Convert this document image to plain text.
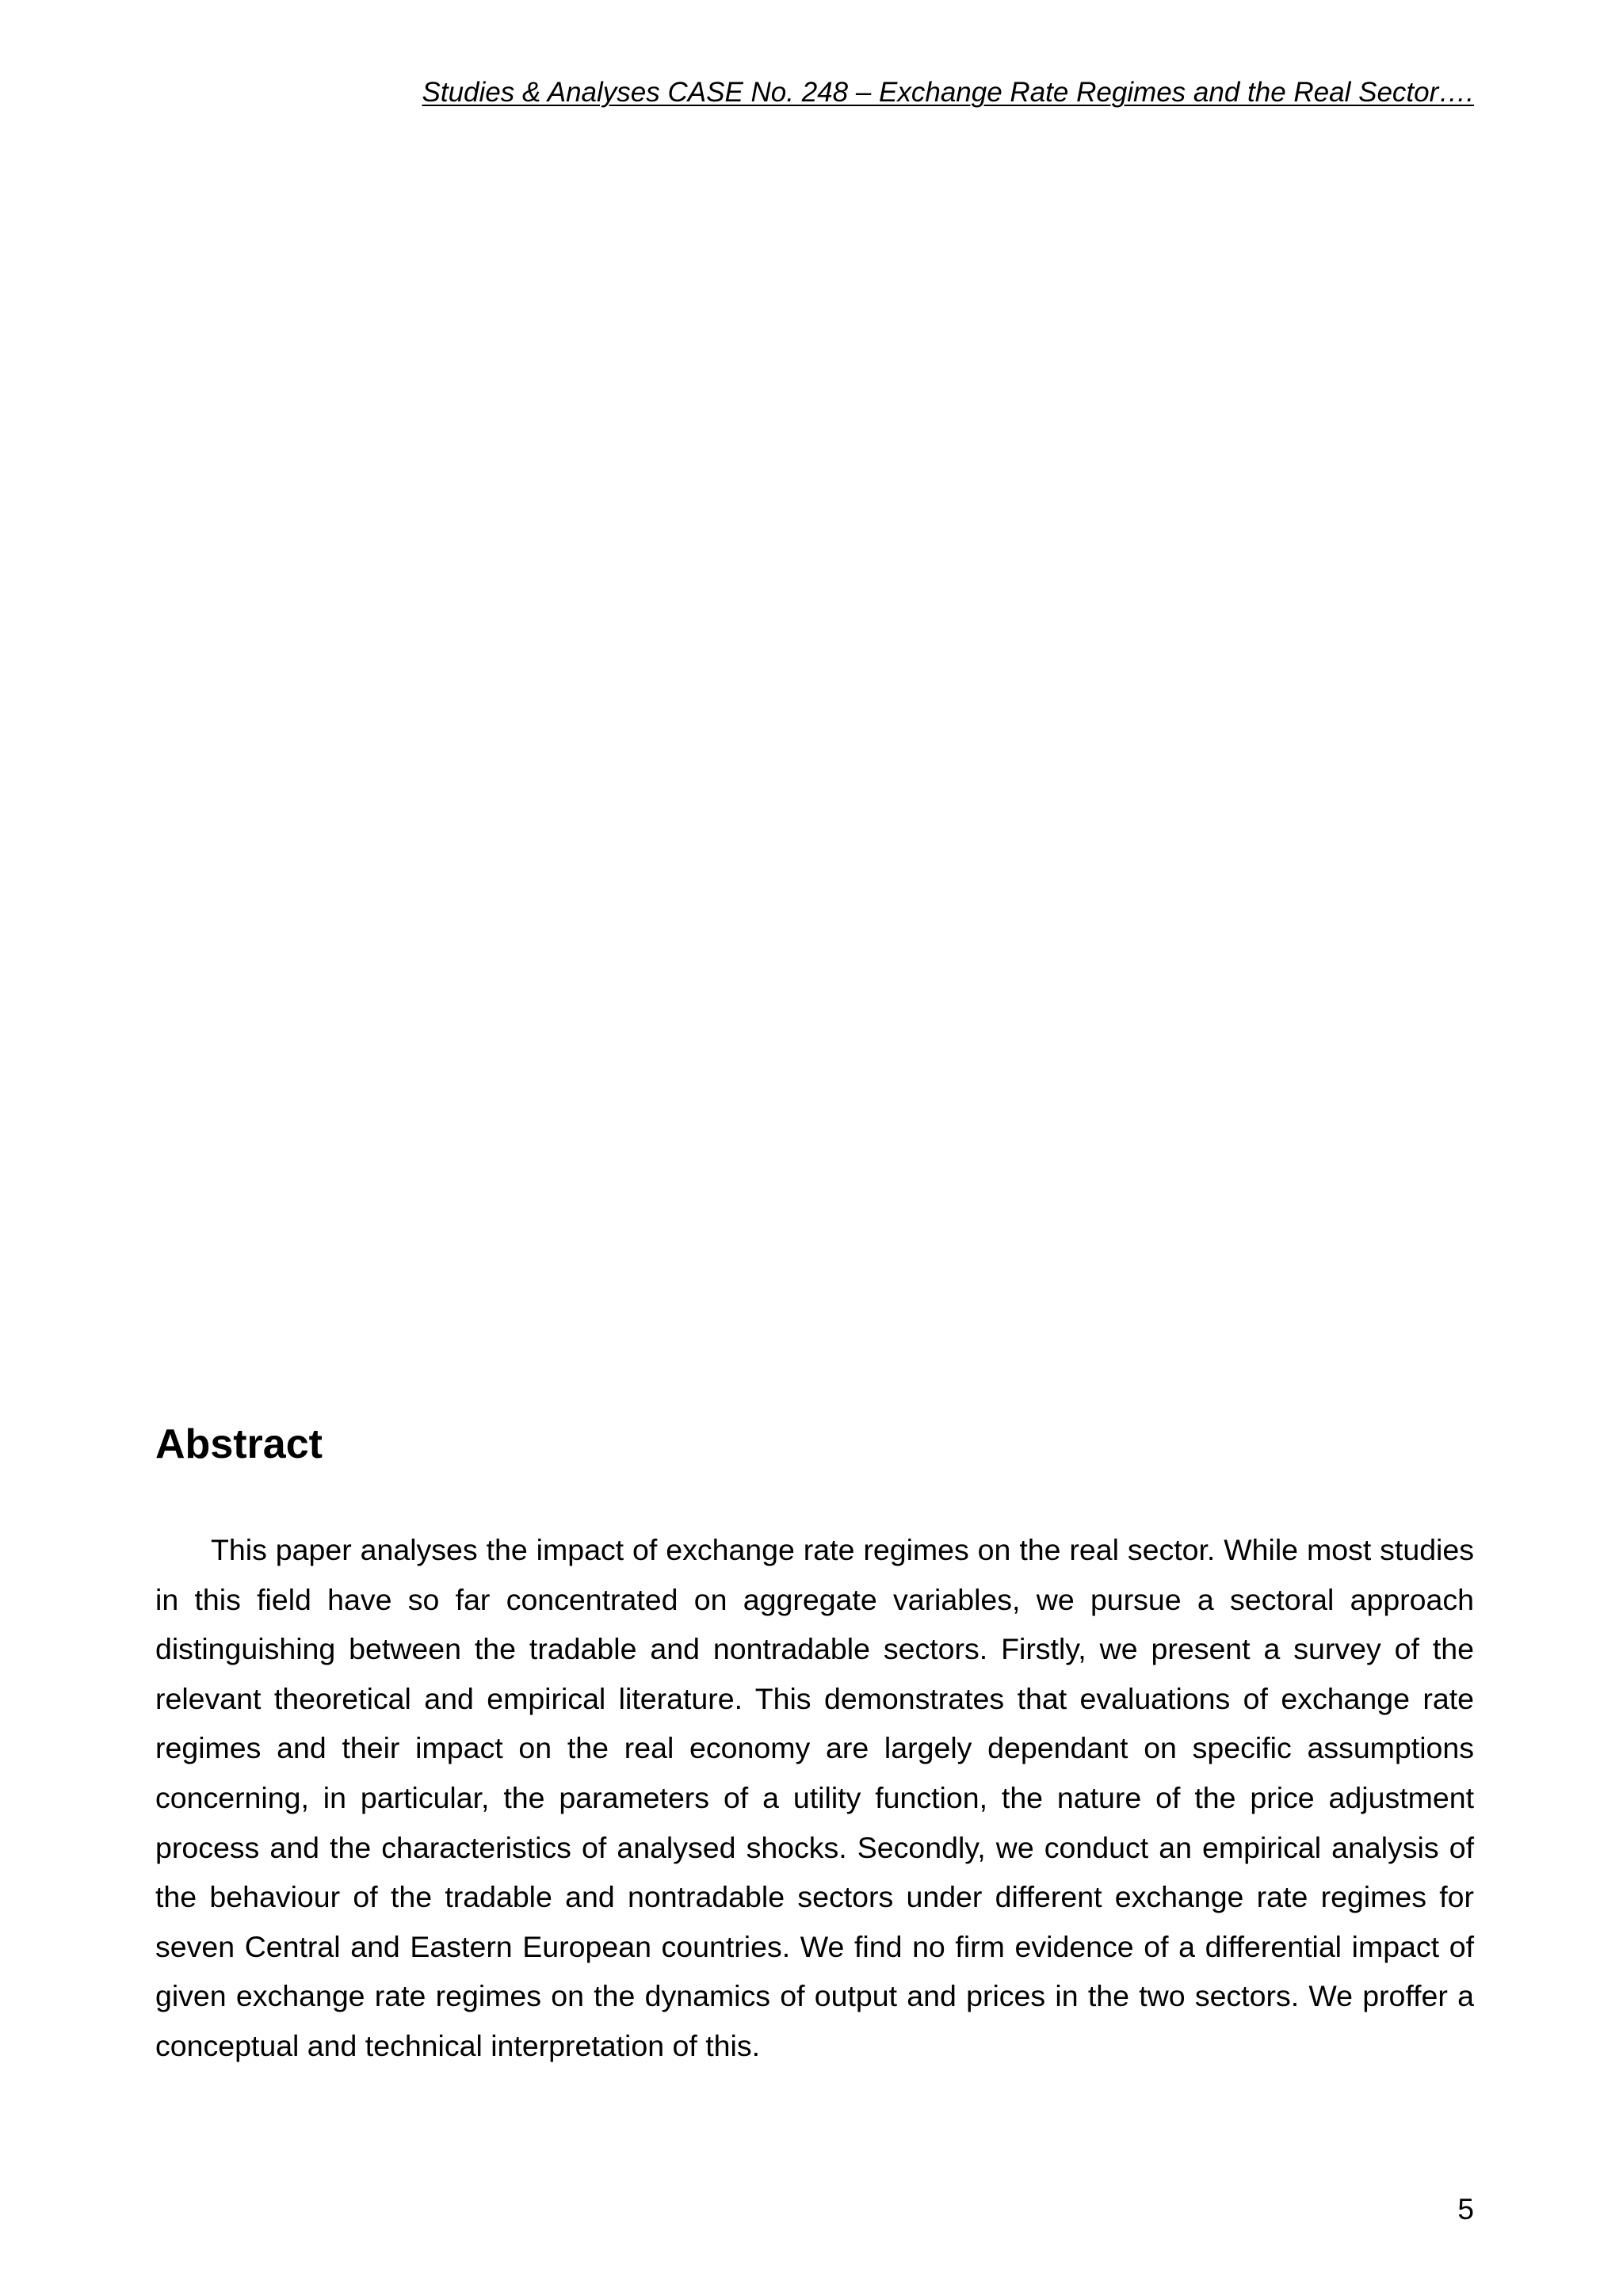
Studies & Analyses CASE No. 248 – Exchange Rate Regimes and the Real Sector….
Abstract

This paper analyses the impact of exchange rate regimes on the real sector. While most studies in this field have so far concentrated on aggregate variables, we pursue a sectoral approach distinguishing between the tradable and nontradable sectors. Firstly, we present a survey of the relevant theoretical and empirical literature. This demonstrates that evaluations of exchange rate regimes and their impact on the real economy are largely dependant on specific assumptions concerning, in particular, the parameters of a utility function, the nature of the price adjustment process and the characteristics of analysed shocks. Secondly, we conduct an empirical analysis of the behaviour of the tradable and nontradable sectors under different exchange rate regimes for seven Central and Eastern European countries. We find no firm evidence of a differential impact of given exchange rate regimes on the dynamics of output and prices in the two sectors. We proffer a conceptual and technical interpretation of this.

5
